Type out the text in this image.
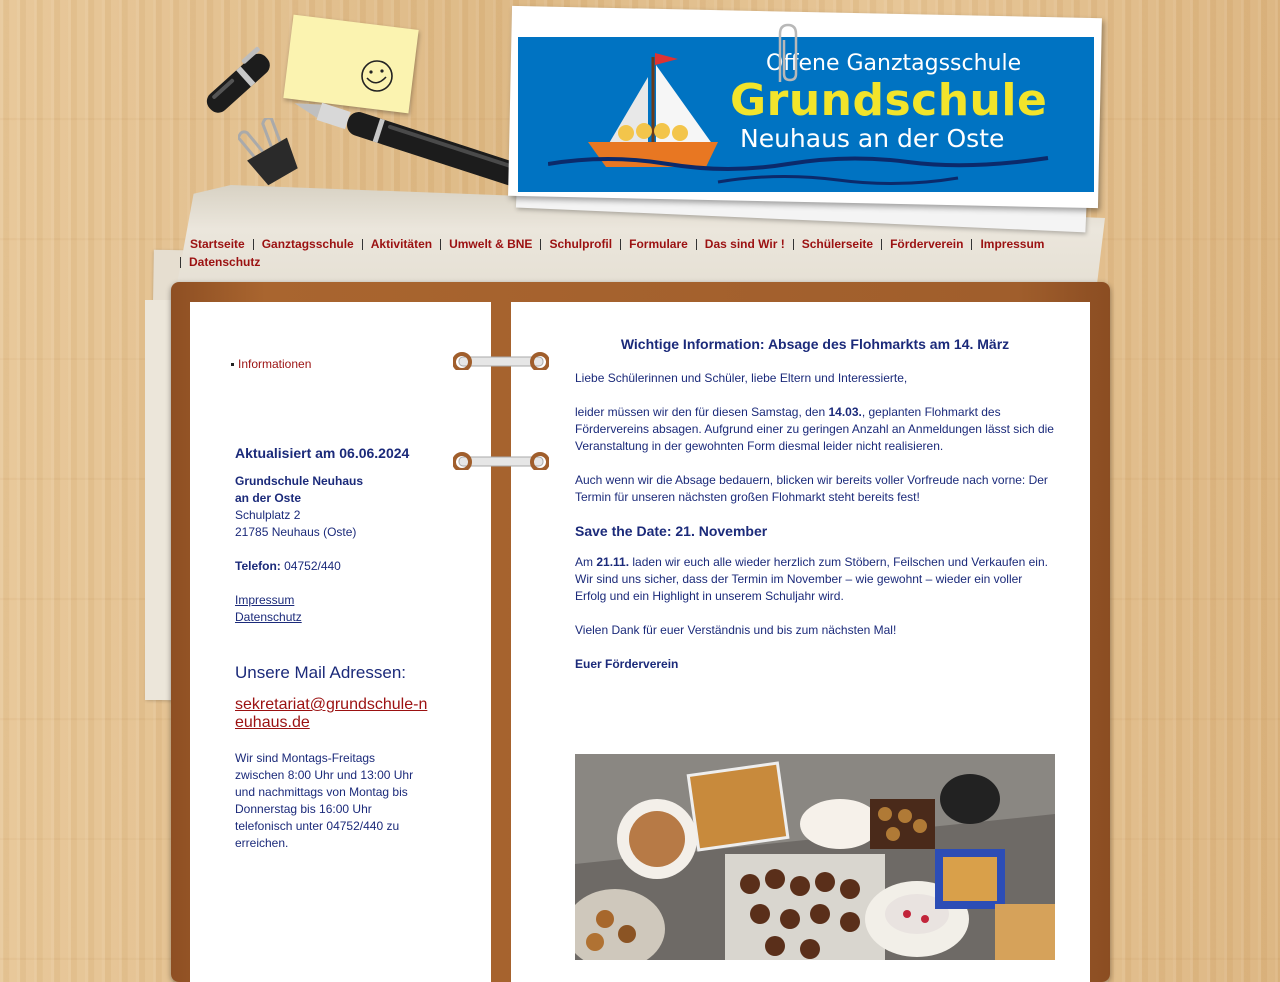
Offene Ganztagsschule
Grundschule
Neuhaus an der Oste
Startseite Ganztagsschule Aktivitäten Umwelt & BNE Schulprofil Formulare Das sind Wir ! Schülerseite Förderverein Impressum
Datenschutz
Informationen
Aktualisiert am 06.06.2024
Grundschule Neuhaus
an der Oste
Schulplatz 2
21785 Neuhaus (Oste)

Telefon: 04752/440

Impressum
Datenschutz
Unsere Mail Adressen:
sekretariat@grundschule-neuhaus.de
Wir sind Montags-Freitags zwischen 8:00 Uhr und 13:00 Uhr und nachmittags von Montag bis Donnerstag bis 16:00 Uhr telefonisch unter 04752/440 zu erreichen.
Wichtige Information: Absage des Flohmarkts am 14. März

Liebe Schülerinnen und Schüler, liebe Eltern und Interessierte,

leider müssen wir den für diesen Samstag, den 14.03., geplanten Flohmarkt des Fördervereins absagen. Aufgrund einer zu geringen Anzahl an Anmeldungen lässt sich die Veranstaltung in der gewohnten Form diesmal leider nicht realisieren.

Auch wenn wir die Absage bedauern, blicken wir bereits voller Vorfreude nach vorne: Der Termin für unseren nächsten großen Flohmarkt steht bereits fest!

Save the Date: 21. November

Am 21.11. laden wir euch alle wieder herzlich zum Stöbern, Feilschen und Verkaufen ein. Wir sind uns sicher, dass der Termin im November – wie gewohnt – wieder ein voller Erfolg und ein Highlight in unserem Schuljahr wird.

Vielen Dank für euer Verständnis und bis zum nächsten Mal!

Euer Förderverein
